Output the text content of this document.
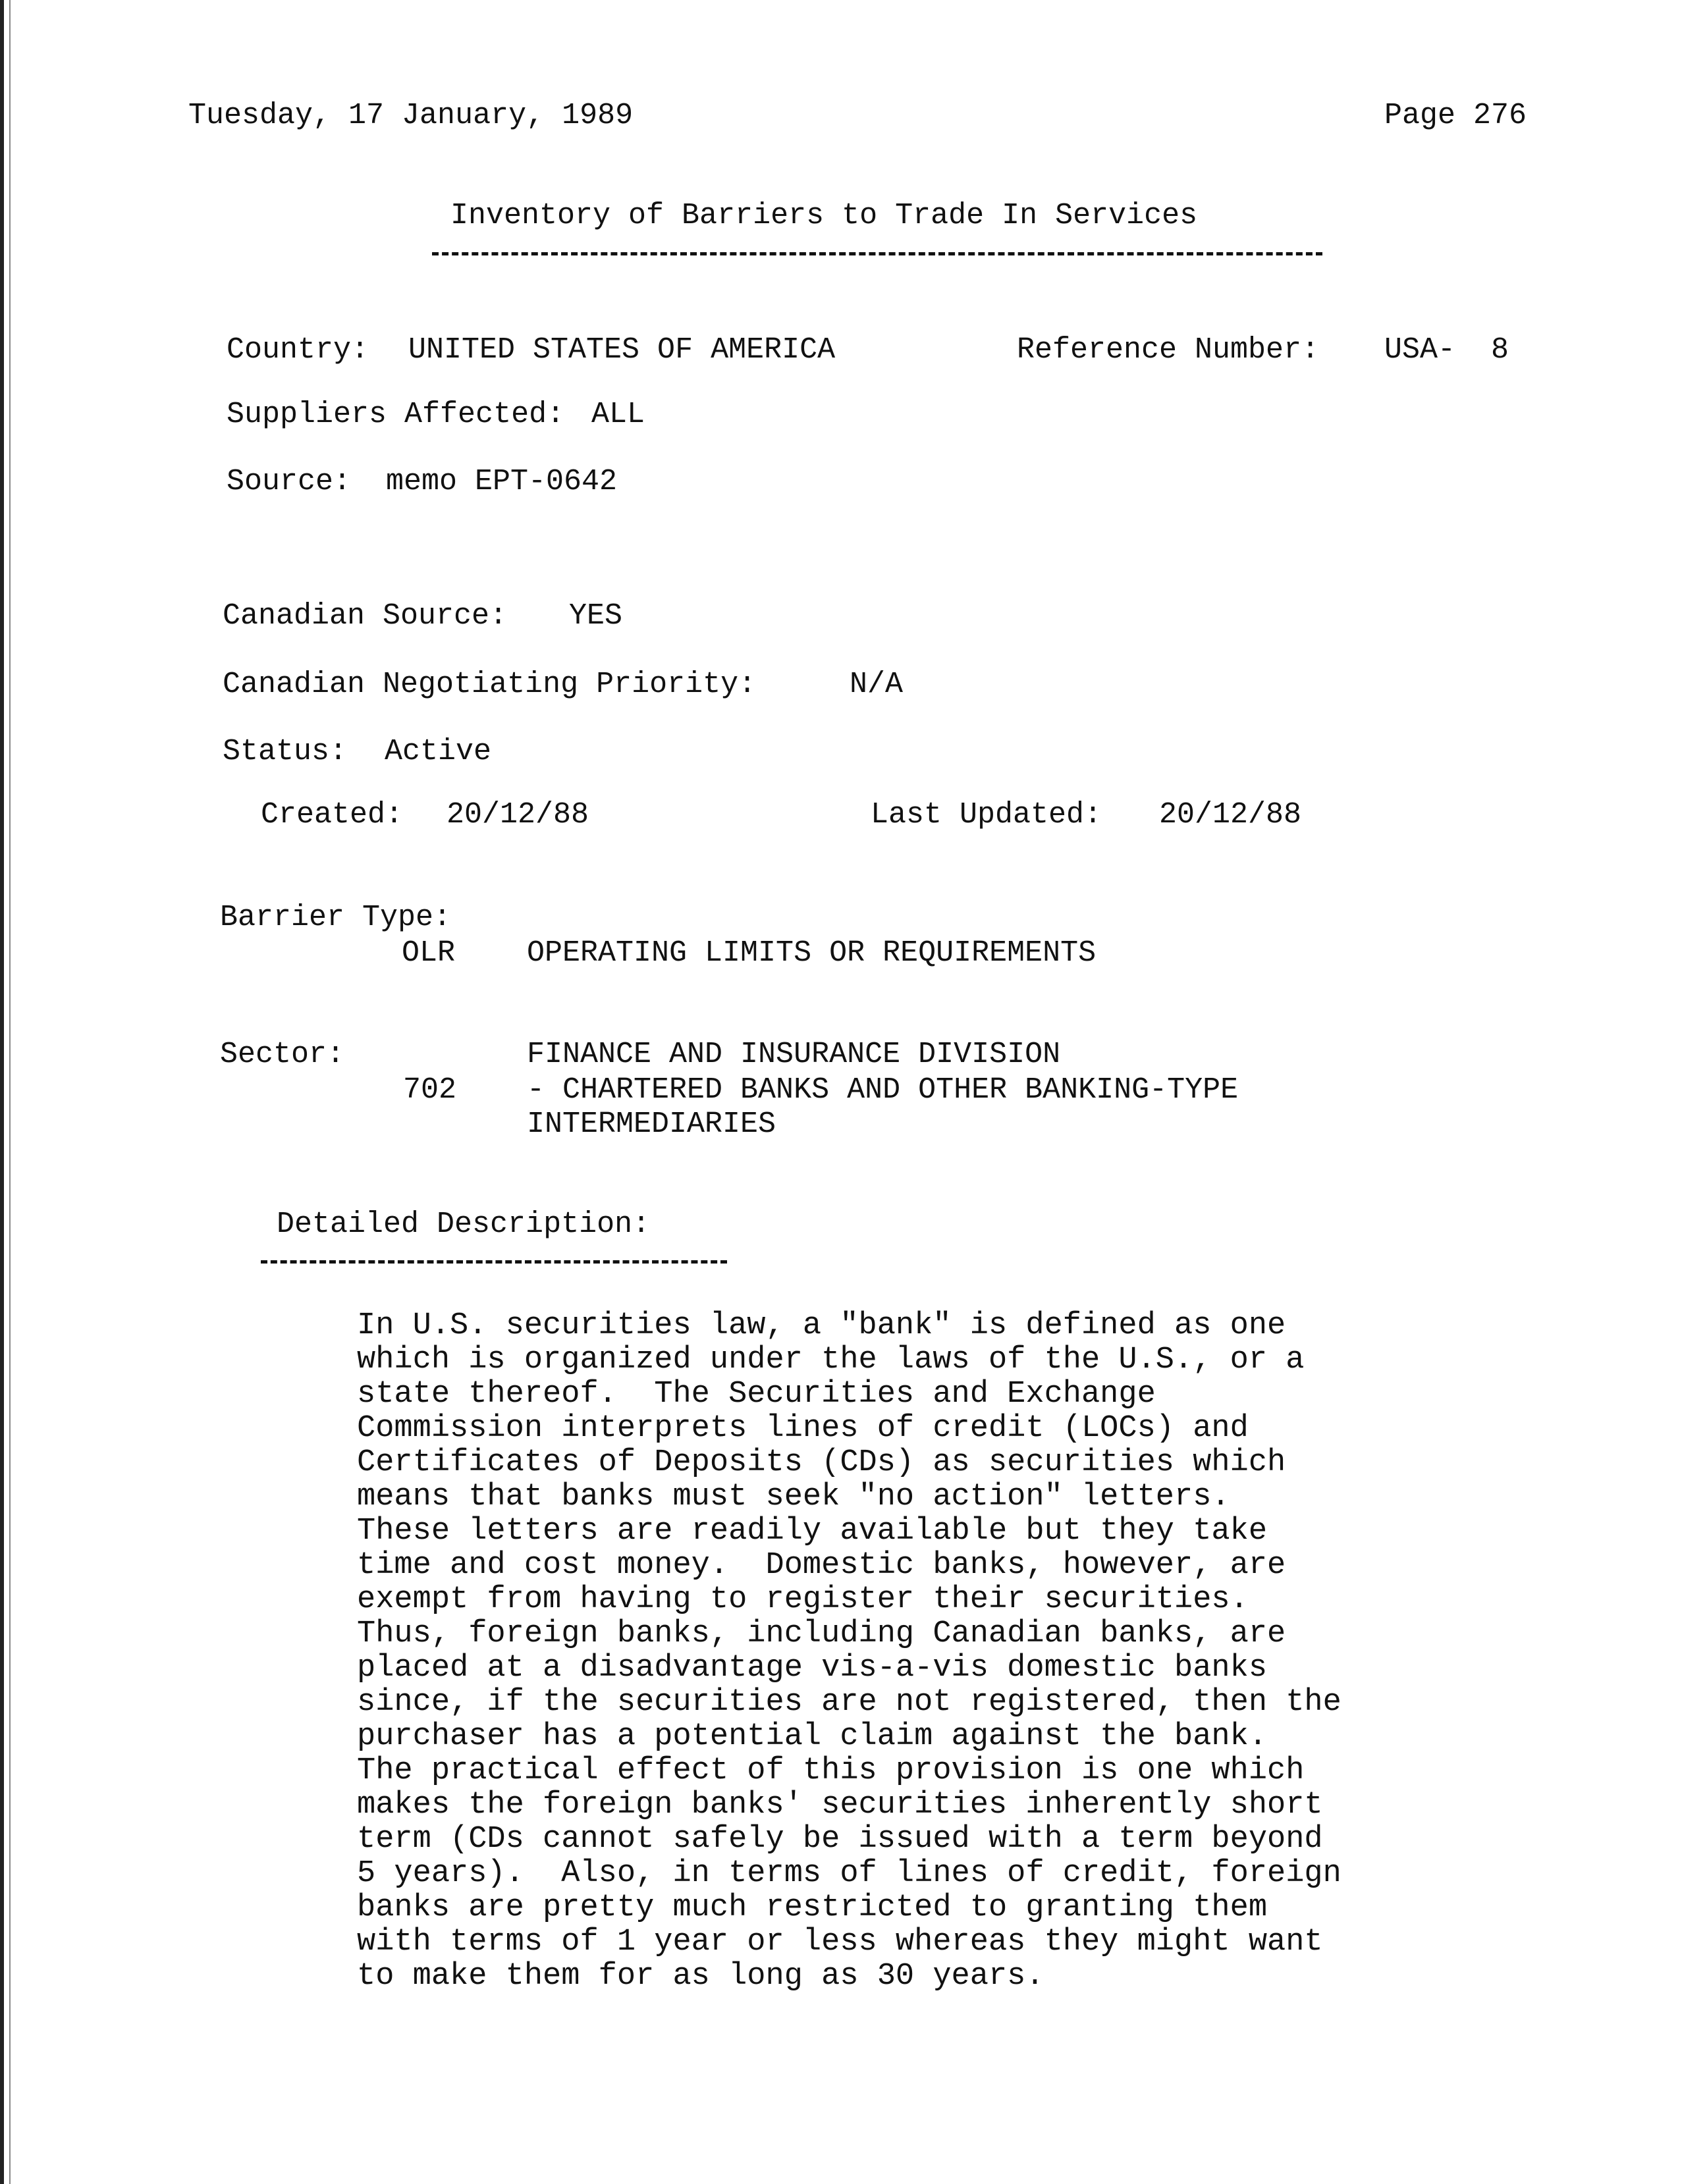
Tuesday, 17 January, 1989	Page 276
Inventory of Barriers to Trade In Services
Country: UNITED STATES OF AMERICA	Reference Number: USA-  8
Suppliers Affected: ALL
Source: memo EPT-0642
Canadian Source: YES
Canadian Negotiating Priority:	N/A
Status: Active
Created: 20/12/88	Last Updated: 20/12/88
Barrier Type:
OLR OPERATING LIMITS OR REQUIREMENTS
Sector:	FINANCE AND INSURANCE DIVISION
702 - CHARTERED BANKS AND OTHER BANKING-TYPE
INTERMEDIARIES
Detailed Description:
In U.S. securities law, a "bank" is defined as one
which is organized under the laws of the U.S., or a
state thereof.  The Securities and Exchange
Commission interprets lines of credit (LOCs) and
Certificates of Deposits (CDs) as securities which
means that banks must seek "no action" letters.
These letters are readily available but they take
time and cost money.  Domestic banks, however, are
exempt from having to register their securities.
Thus, foreign banks, including Canadian banks, are
placed at a disadvantage vis-a-vis domestic banks
since, if the securities are not registered, then the
purchaser has a potential claim against the bank.
The practical effect of this provision is one which
makes the foreign banks' securities inherently short
term (CDs cannot safely be issued with a term beyond
5 years).  Also, in terms of lines of credit, foreign
banks are pretty much restricted to granting them
with terms of 1 year or less whereas they might want
to make them for as long as 30 years.
